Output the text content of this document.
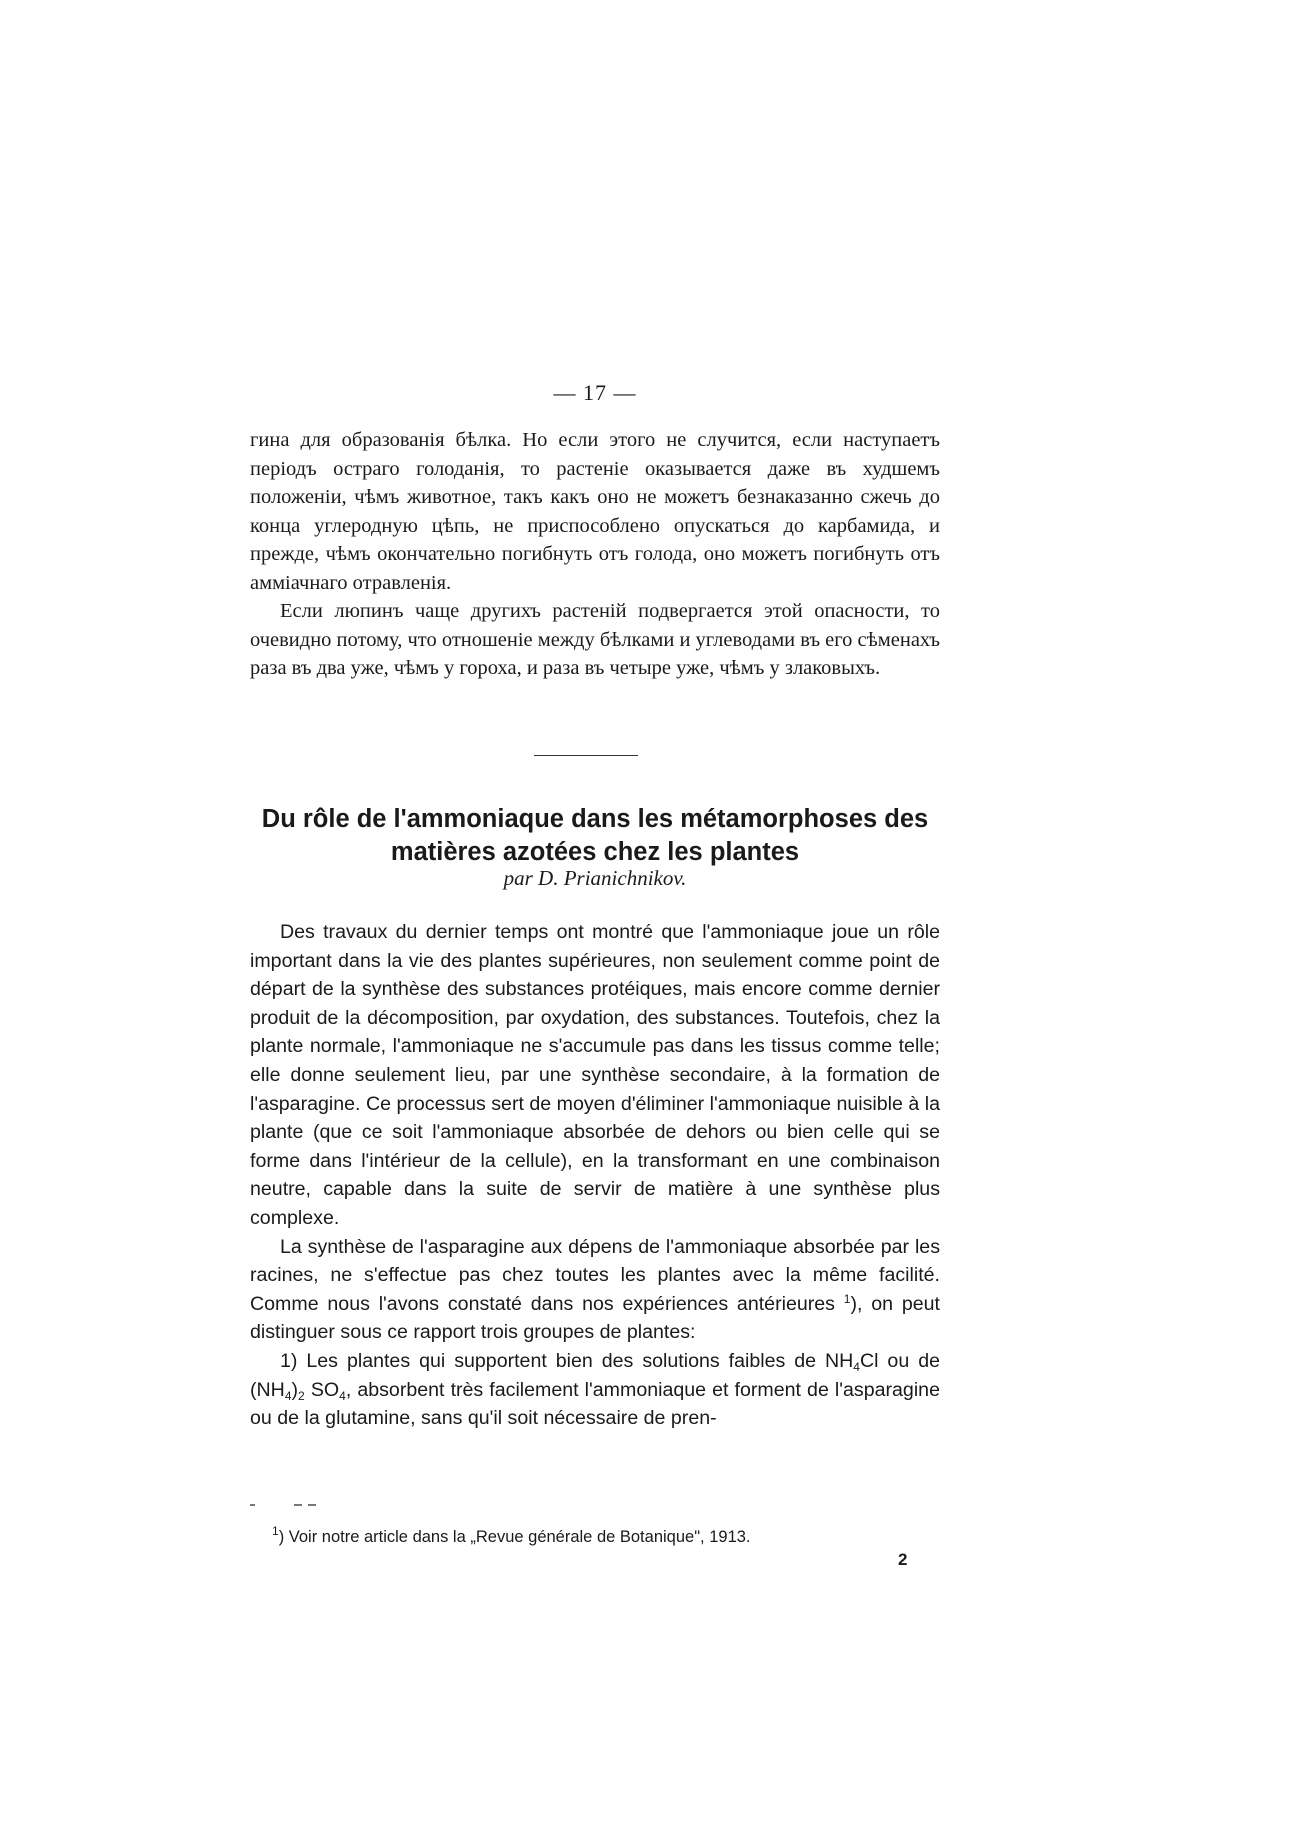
— 17 —

гина для образованія бѣлка. Но если этого не случится, если наступаетъ періодъ остраго голоданія, то растеніе оказывается даже въ худшемъ положеніи, чѣмъ животное, такъ какъ оно не можетъ безнаказанно сжечь до конца углеродную цѣпь, не приспособлено опускаться до карбамида, и прежде, чѣмъ окончательно погибнуть отъ голода, оно можетъ погибнуть отъ амміачнаго отравленія.

Если люпинъ чаще другихъ растеній подвергается этой опасности, то очевидно потому, что отношеніе между бѣлками и углеводами въ его сѣменахъ раза въ два уже, чѣмъ у гороха, и раза въ четыре уже, чѣмъ у злаковыхъ.

Du rôle de l'ammoniaque dans les métamorphoses des
matières azotées chez les plantes
par D. Prianichnikov.

Des travaux du dernier temps ont montré que l'ammoniaque joue un rôle important dans la vie des plantes supérieures, non seulement comme point de départ de la synthèse des substances protéiques, mais encore comme dernier produit de la décomposition, par oxydation, des substances. Toutefois, chez la plante normale, l'ammoniaque ne s'accumule pas dans les tissus comme telle; elle donne seulement lieu, par une synthèse secondaire, à la formation de l'asparagine. Ce processus sert de moyen d'éliminer l'ammoniaque nuisible à la plante (que ce soit l'ammoniaque absorbée de dehors ou bien celle qui se forme dans l'intérieur de la cellule), en la transformant en une combinaison neutre, capable dans la suite de servir de matière à une synthèse plus complexe.

La synthèse de l'asparagine aux dépens de l'ammoniaque absorbée par les racines, ne s'effectue pas chez toutes les plantes avec la même facilité. Comme nous l'avons constaté dans nos expériences antérieures $^1$), on peut distinguer sous ce rapport trois groupes de plantes:

1) Les plantes qui supportent bien des solutions faibles de $NH_4Cl$ ou de $(NH_4)_2$ $SO_4$, absorbent très facilement l'ammoniaque et forment de l'asparagine ou de la glutamine, sans qu'il soit nécessaire de pren-

$^1$) Voir notre article dans la „Revue générale de Botanique", 1913.
2
